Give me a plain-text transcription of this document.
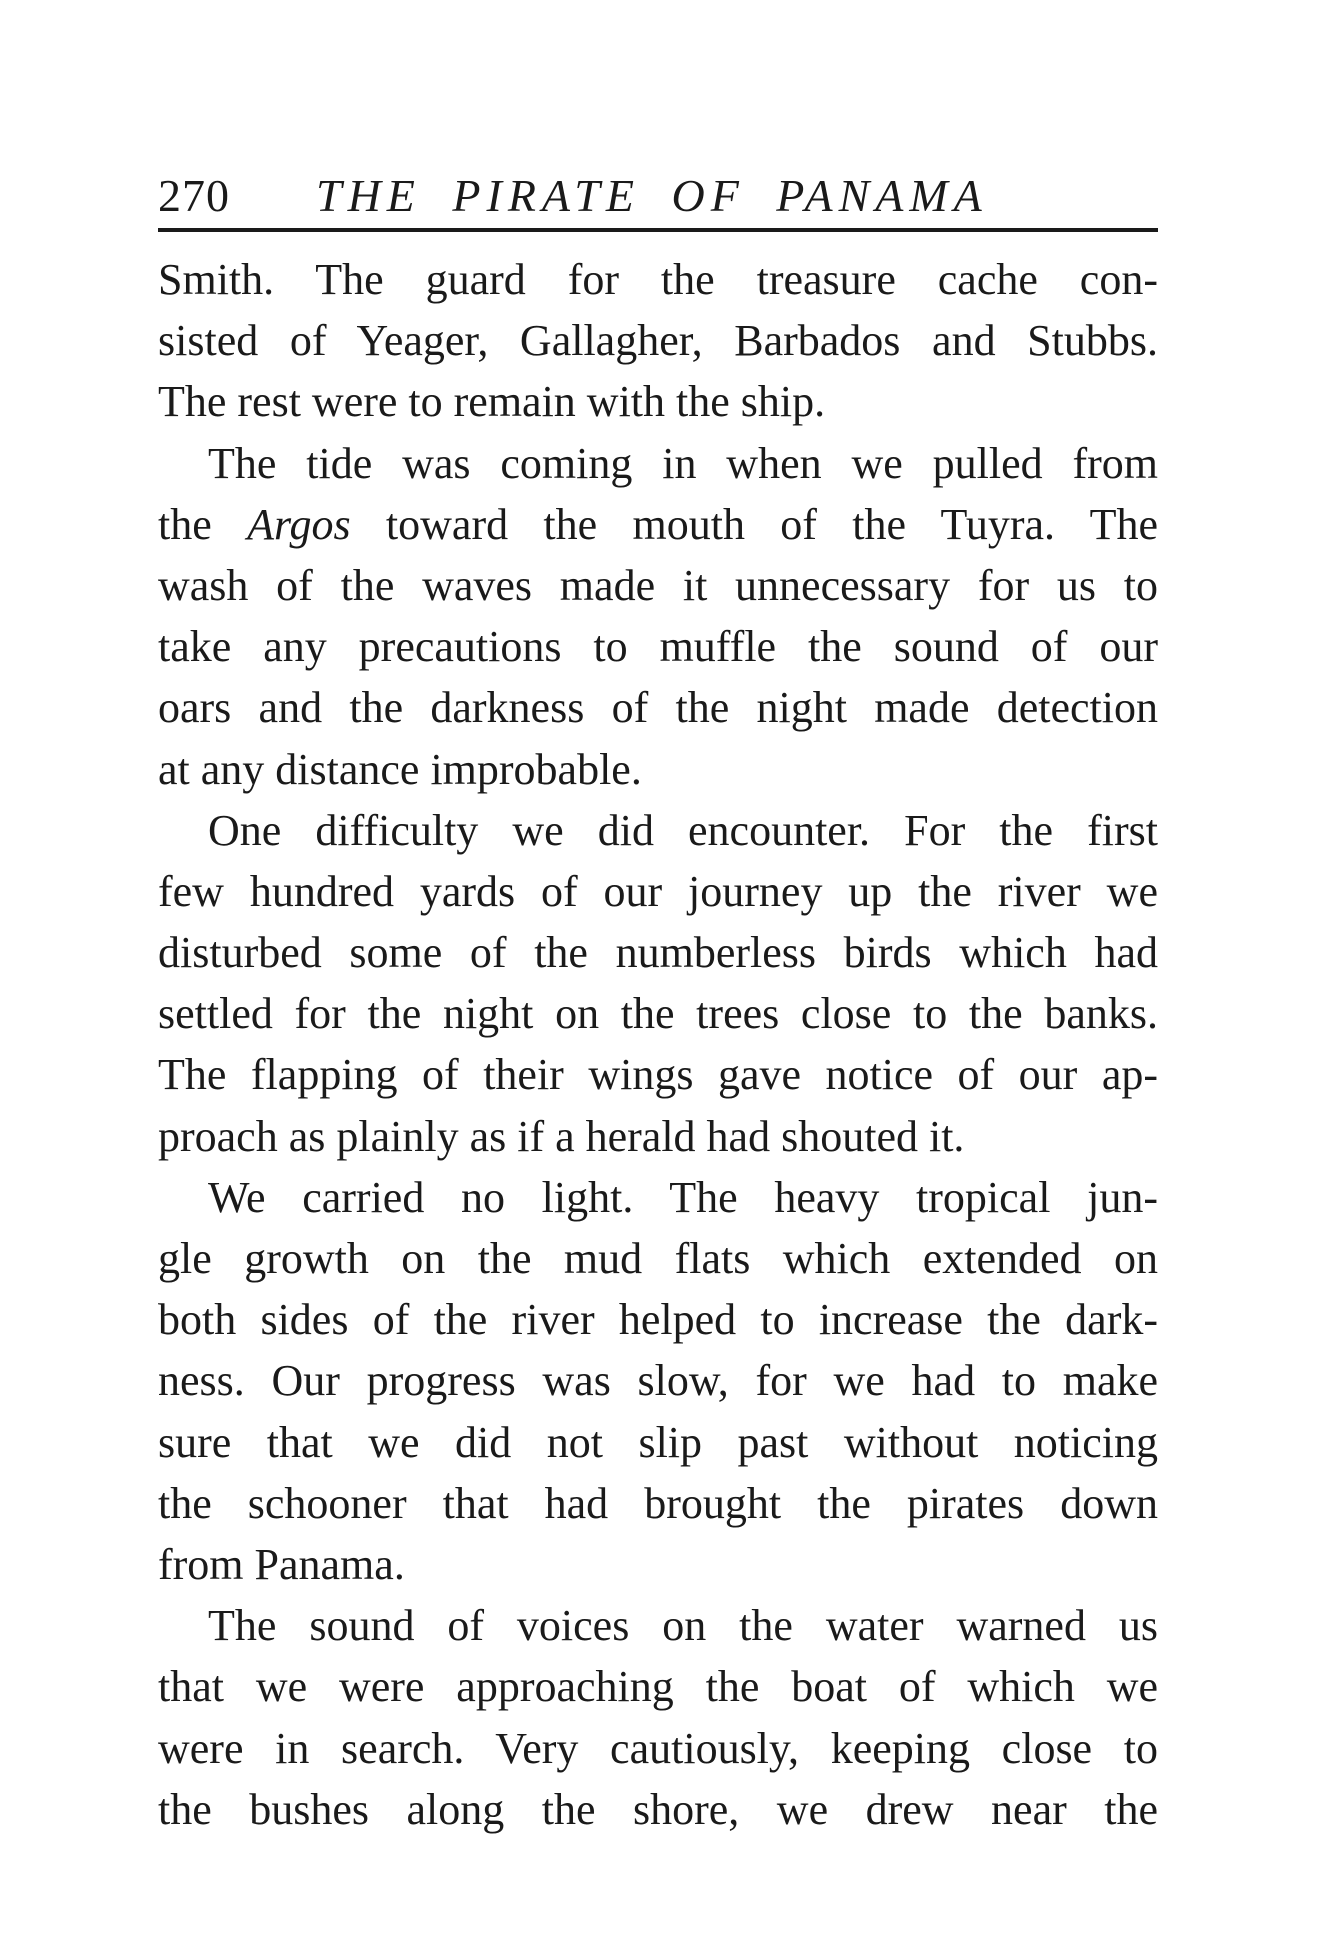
270 THE PIRATE OF PANAMA
Smith. The guard for the treasure cache con-
sisted of Yeager, Gallagher, Barbados and Stubbs.
The rest were to remain with the ship.
The tide was coming in when we pulled from
the Argos toward the mouth of the Tuyra. The
wash of the waves made it unnecessary for us to
take any precautions to muffle the sound of our
oars and the darkness of the night made detection
at any distance improbable.
One difficulty we did encounter. For the first
few hundred yards of our journey up the river we
disturbed some of the numberless birds which had
settled for the night on the trees close to the banks.
The flapping of their wings gave notice of our ap-
proach as plainly as if a herald had shouted it.
We carried no light. The heavy tropical jun-
gle growth on the mud flats which extended on
both sides of the river helped to increase the dark-
ness. Our progress was slow, for we had to make
sure that we did not slip past without noticing
the schooner that had brought the pirates down
from Panama.
The sound of voices on the water warned us
that we were approaching the boat of which we
were in search. Very cautiously, keeping close to
the bushes along the shore, we drew near the
